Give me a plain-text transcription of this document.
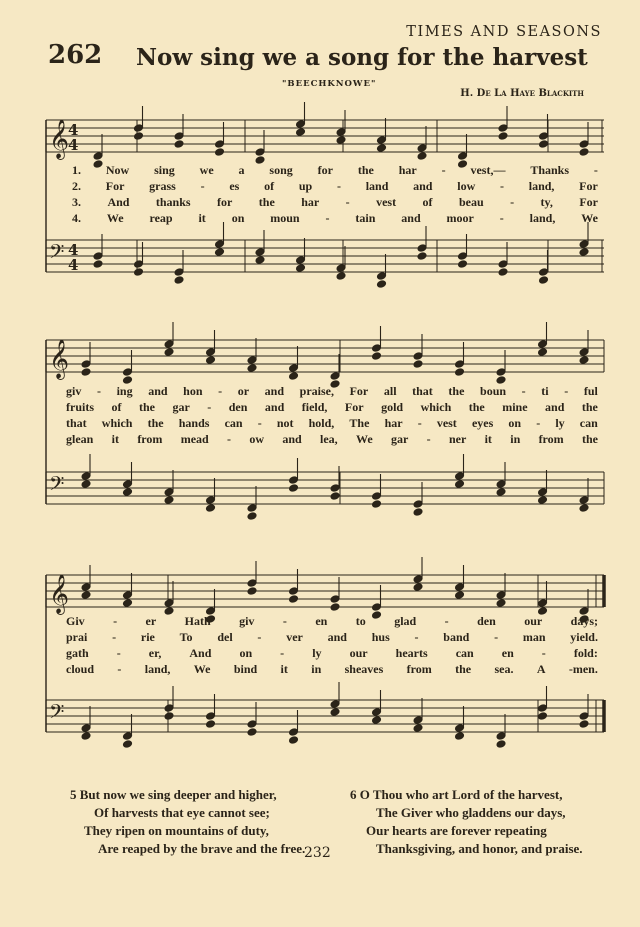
TIMES AND SEASONS
262 Now sing we a song for the harvest
"BEECHKNOWE"
H. De La Haye Blackith
𝄞
4
4
𝄢 4
4
𝄞
𝄢
𝄞
𝄢
1. Now sing we a song for the har - vest,— Thanks -
2. For grass - es of up - land and low - land, For
3. And thanks for the har - vest of beau - ty, For
4. We reap it on moun - tain and moor - land, We
giv - ing and hon - or and praise, For all that the boun - ti - ful
fruits of the gar - den and field, For gold which the mine and the
that which the hands can - not hold, The har - vest eyes on - ly can
glean it from mead - ow and lea, We gar - ner it in from the
Giv - er Hath giv - en to glad - den our days;
prai - rie To del - ver and hus - band - man yield.
gath - er, And on - ly our hearts can en - fold:
cloud - land, We bind it in sheaves from the sea. A -men.
5 But now we sing deeper and higher,
Of harvests that eye cannot see;
They ripen on mountains of duty,
Are reaped by the brave and the free.
6 O Thou who art Lord of the harvest,
The Giver who gladdens our days,
Our hearts are forever repeating
Thanksgiving, and honor, and praise.
232
